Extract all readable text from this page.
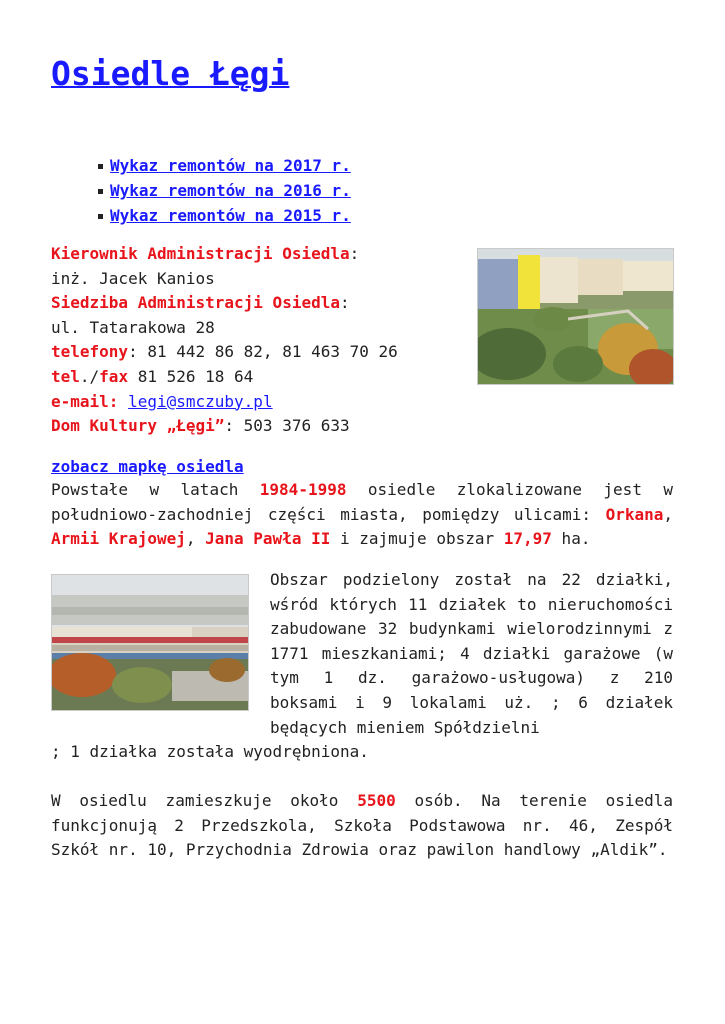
Osiedle Łęgi
Wykaz remontów na 2017 r.
Wykaz remontów na 2016 r.
Wykaz remontów na 2015 r.
Kierownik Administracji Osiedla:
inż. Jacek Kanios
Siedziba Administracji Osiedla:
ul. Tatarakowa 28
telefony: 81 442 86 82, 81 463 70 26
tel./fax 81 526 18 64
e-mail: legi@smczuby.pl
Dom Kultury „Łęgi”: 503 376 633
zobacz mapkę osiedla

Powstałe w latach 1984-1998 osiedle zlokalizowane jest w południowo-zachodniej części miasta, pomiędzy ulicami: Orkana, Armii Krajowej, Jana Pawła II i zajmuje obszar 17,97 ha.

Obszar podzielony został na 22 działki, wśród których 11 działek to nieruchomości zabudowane 32 budynkami wielorodzinnymi z 1771 mieszkaniami; 4 działki garażowe (w tym 1 dz. garażowo-usługowa) z 210 boksami i 9 lokalami uż. ; 6 działek będących mieniem Spółdzielni

; 1 działka została wyodrębniona.

W osiedlu zamieszkuje około 5500 osób. Na terenie osiedla funkcjonują 2 Przedszkola, Szkoła Podstawowa nr. 46, Zespół Szkół nr. 10, Przychodnia Zdrowia oraz pawilon handlowy „Aldik”.
